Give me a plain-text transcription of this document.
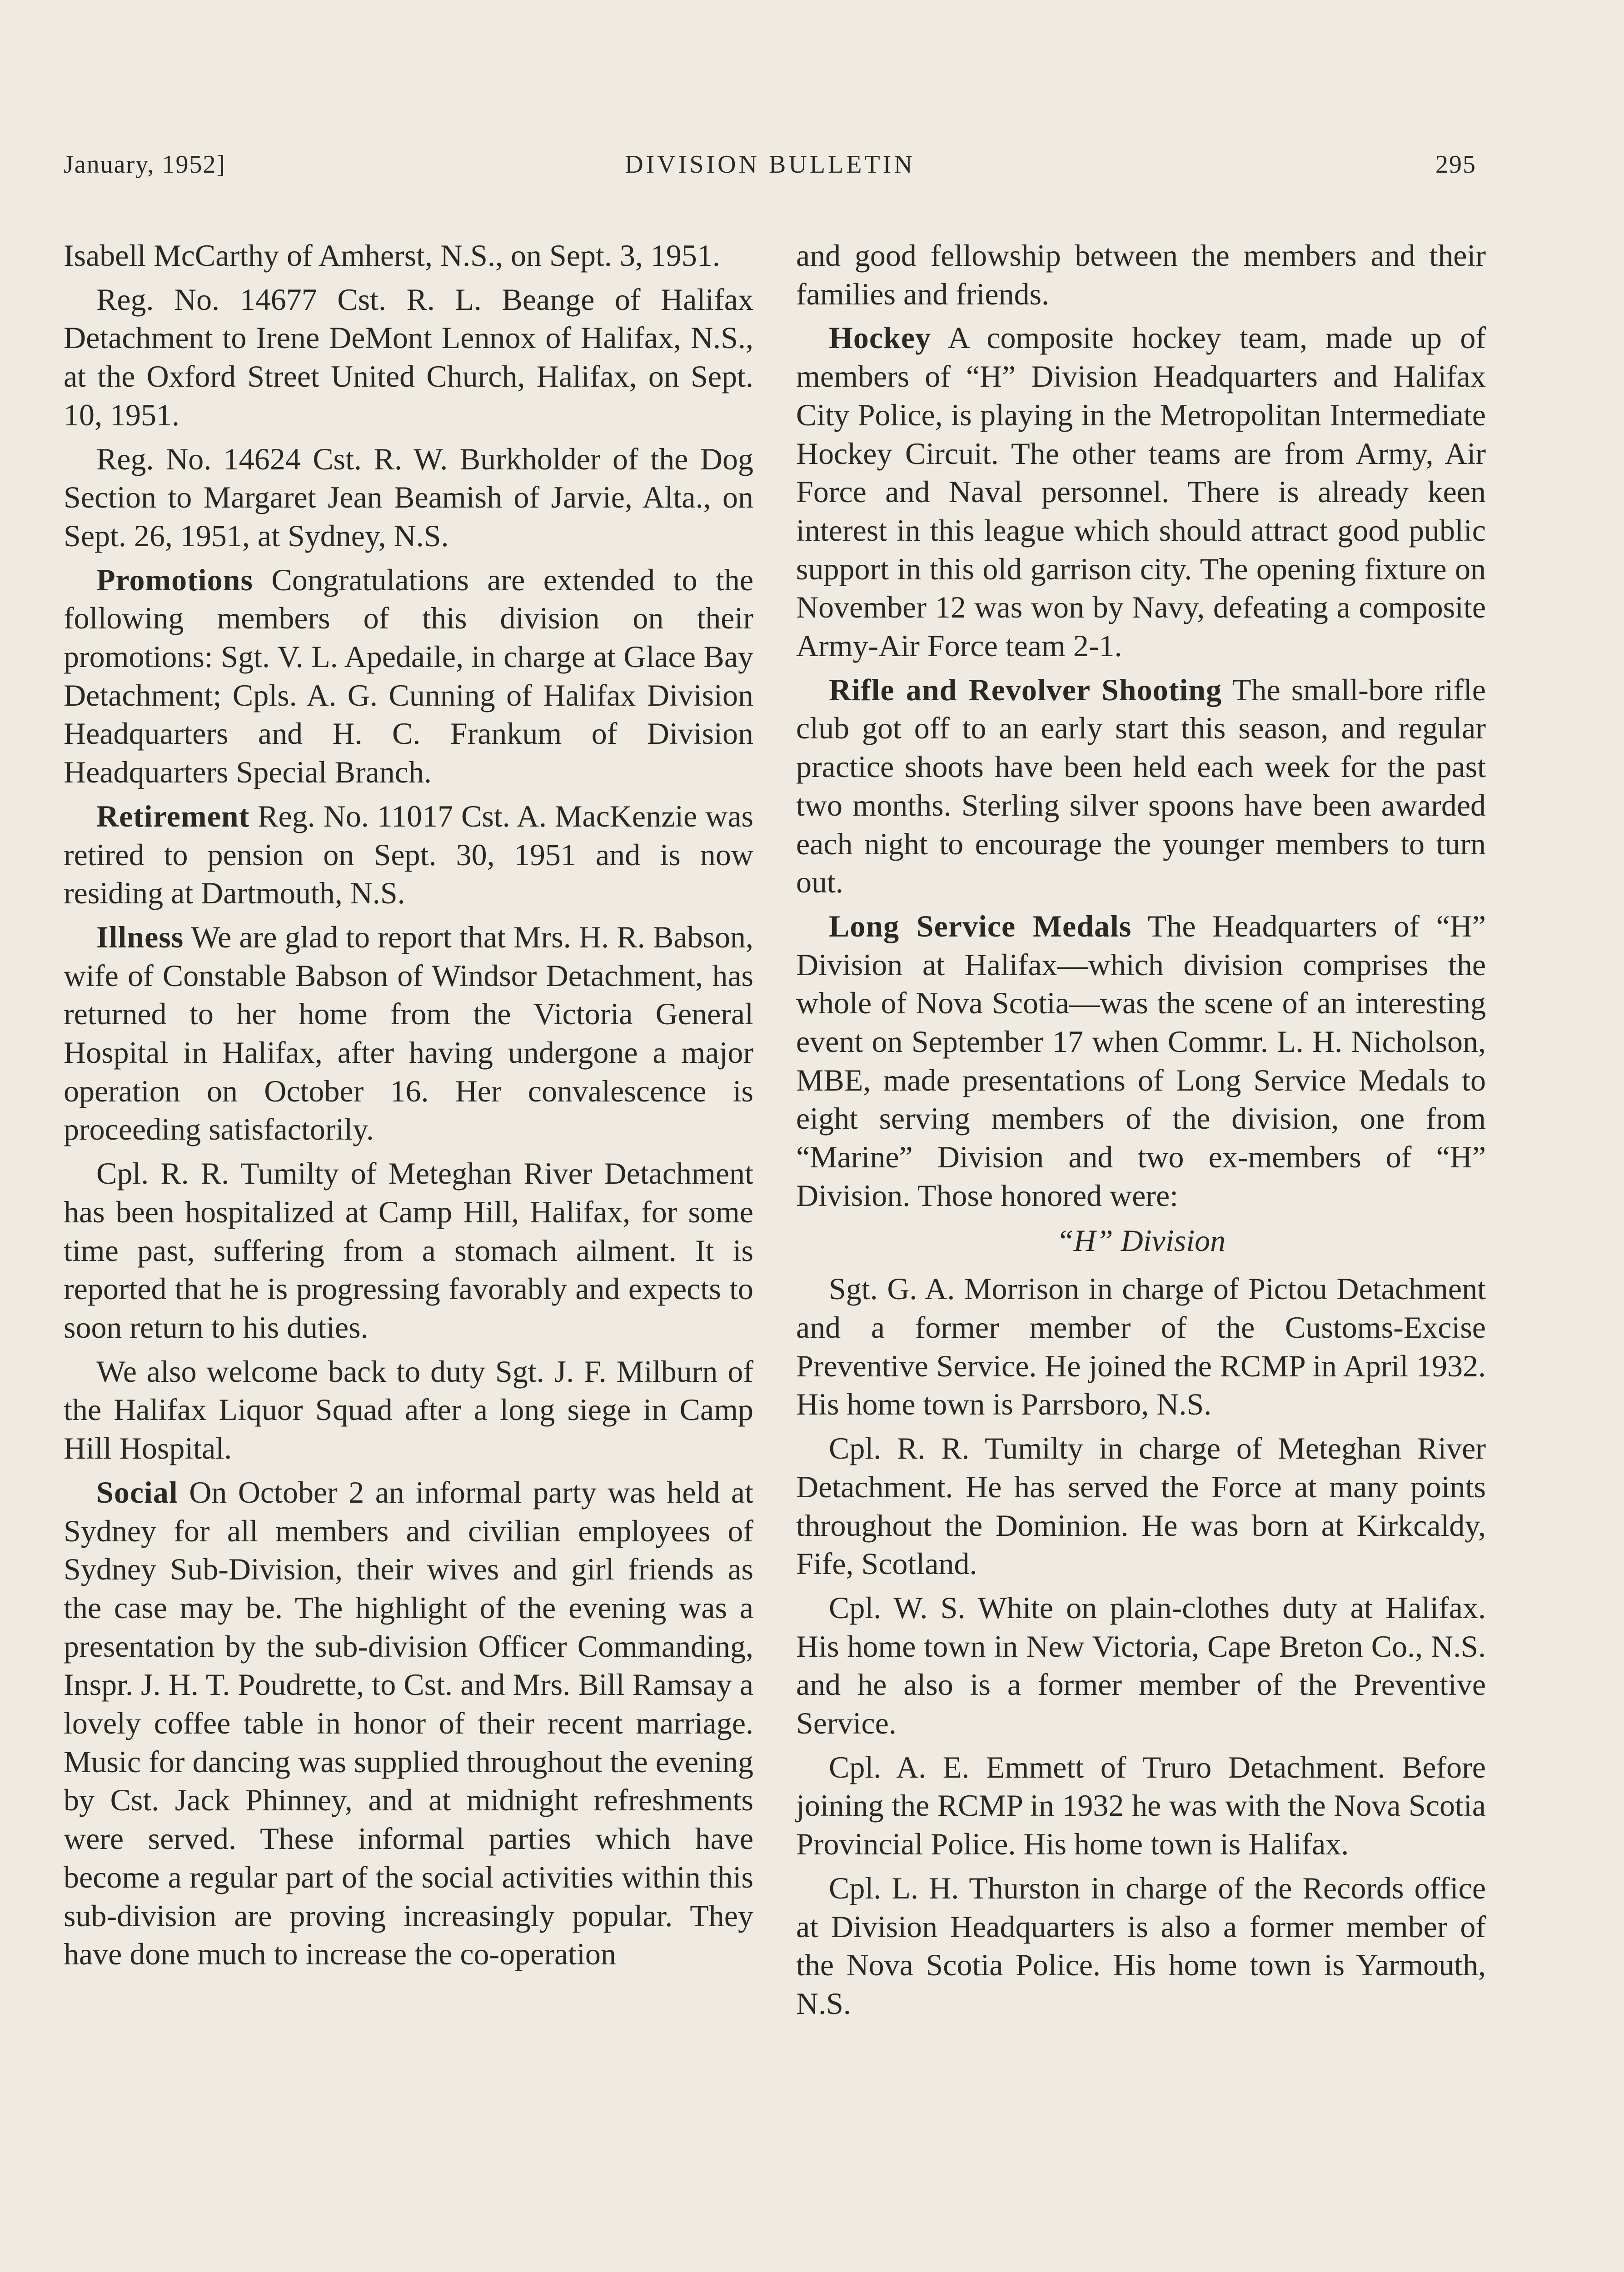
January, 1952]	DIVISION BULLETIN	295

Isabell McCarthy of Amherst, N.S., on Sept. 3, 1951.

Reg. No. 14677 Cst. R. L. Beange of Halifax Detachment to Irene DeMont Lennox of Halifax, N.S., at the Oxford Street United Church, Halifax, on Sept. 10, 1951.

Reg. No. 14624 Cst. R. W. Burkholder of the Dog Section to Margaret Jean Beamish of Jarvie, Alta., on Sept. 26, 1951, at Sydney, N.S.

Promotions Congratulations are extended to the following members of this division on their promotions: Sgt. V. L. Apedaile, in charge at Glace Bay Detachment; Cpls. A. G. Cunning of Halifax Division Headquarters and H. C. Frankum of Division Headquarters Special Branch.

Retirement Reg. No. 11017 Cst. A. MacKenzie was retired to pension on Sept. 30, 1951 and is now residing at Dartmouth, N.S.

Illness We are glad to report that Mrs. H. R. Babson, wife of Constable Babson of Windsor Detachment, has returned to her home from the Victoria General Hospital in Halifax, after having undergone a major operation on October 16. Her convalescence is proceeding satisfactorily.

Cpl. R. R. Tumilty of Meteghan River Detachment has been hospitalized at Camp Hill, Halifax, for some time past, suffering from a stomach ailment. It is reported that he is progressing favorably and expects to soon return to his duties.

We also welcome back to duty Sgt. J. F. Milburn of the Halifax Liquor Squad after a long siege in Camp Hill Hospital.

Social On October 2 an informal party was held at Sydney for all members and civilian employees of Sydney Sub-Division, their wives and girl friends as the case may be. The highlight of the evening was a presentation by the sub-division Officer Commanding, Inspr. J. H. T. Poudrette, to Cst. and Mrs. Bill Ramsay a lovely coffee table in honor of their recent marriage. Music for dancing was supplied throughout the evening by Cst. Jack Phinney, and at midnight refreshments were served. These informal parties which have become a regular part of the social activities within this sub-division are proving increasingly popular. They have done much to increase the co-operation

and good fellowship between the members and their families and friends.

Hockey A composite hockey team, made up of members of “H” Division Headquarters and Halifax City Police, is playing in the Metropolitan Intermediate Hockey Circuit. The other teams are from Army, Air Force and Naval personnel. There is already keen interest in this league which should attract good public support in this old garrison city. The opening fixture on November 12 was won by Navy, defeating a composite Army-Air Force team 2-1.

Rifle and Revolver Shooting The small-bore rifle club got off to an early start this season, and regular practice shoots have been held each week for the past two months. Sterling silver spoons have been awarded each night to encourage the younger members to turn out.

Long Service Medals The Headquarters of “H” Division at Halifax—which division comprises the whole of Nova Scotia—was the scene of an interesting event on September 17 when Commr. L. H. Nicholson, MBE, made presentations of Long Service Medals to eight serving members of the division, one from “Marine” Division and two ex-members of “H” Division. Those honored were:

“H” Division

Sgt. G. A. Morrison in charge of Pictou Detachment and a former member of the Customs-Excise Preventive Service. He joined the RCMP in April 1932. His home town is Parrsboro, N.S.

Cpl. R. R. Tumilty in charge of Meteghan River Detachment. He has served the Force at many points throughout the Dominion. He was born at Kirkcaldy, Fife, Scotland.

Cpl. W. S. White on plain-clothes duty at Halifax. His home town in New Victoria, Cape Breton Co., N.S. and he also is a former member of the Preventive Service.

Cpl. A. E. Emmett of Truro Detachment. Before joining the RCMP in 1932 he was with the Nova Scotia Provincial Police. His home town is Halifax.

Cpl. L. H. Thurston in charge of the Records office at Division Headquarters is also a former member of the Nova Scotia Police. His home town is Yarmouth, N.S.
